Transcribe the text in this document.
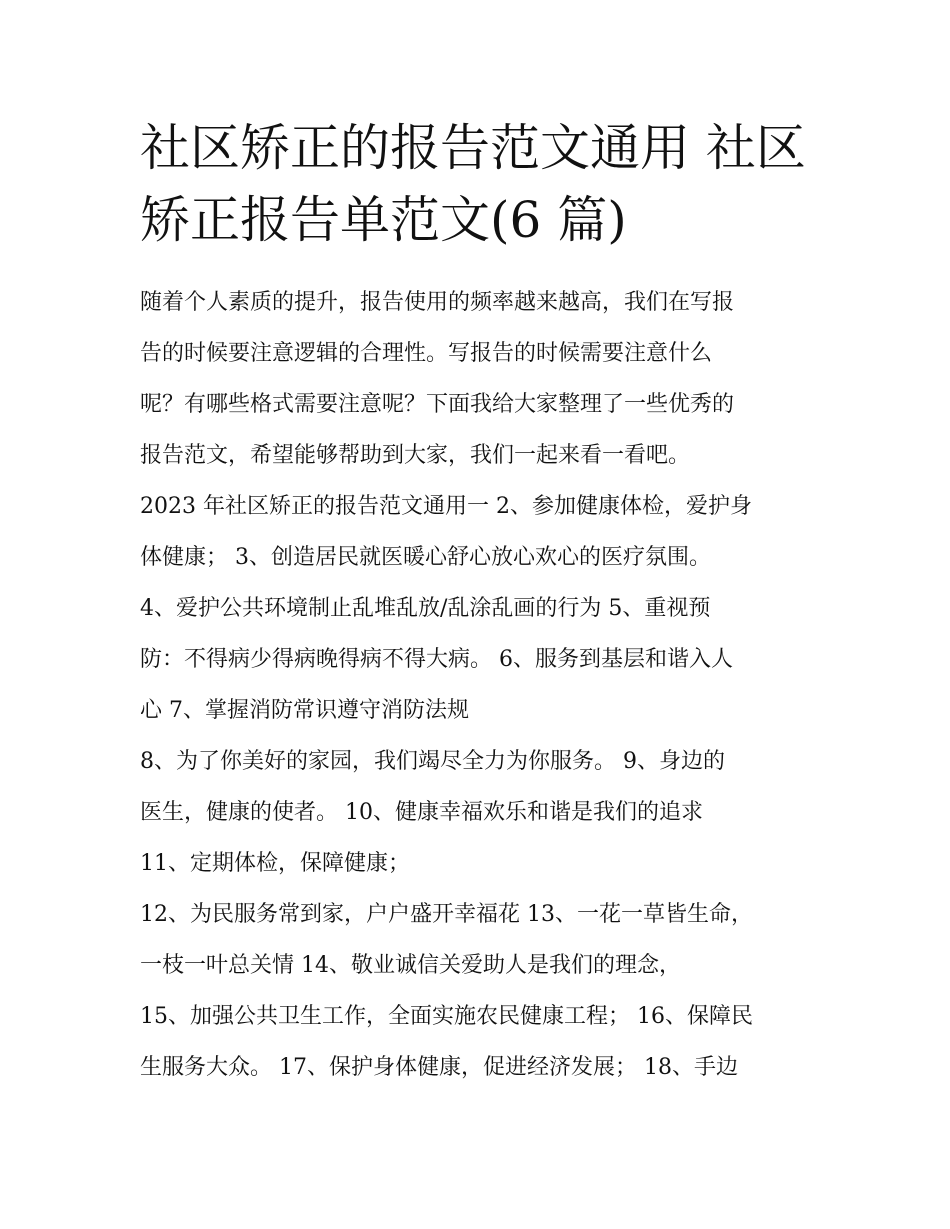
社区矫正的报告范文通用 社区
矫正报告单范文(6 篇)
随着个人素质的提升，报告使用的频率越来越高，我们在写报
告的时候要注意逻辑的合理性。写报告的时候需要注意什么
呢？有哪些格式需要注意呢？下面我给大家整理了一些优秀的
报告范文，希望能够帮助到大家，我们一起来看一看吧。
2023 年社区矫正的报告范文通用一 2、参加健康体检，爱护身
体健康； 3、创造居民就医暖心舒心放心欢心的医疗氛围。
4、爱护公共环境制止乱堆乱放/乱涂乱画的行为 5、重视预
防：不得病少得病晚得病不得大病。 6、服务到基层和谐入人
心 7、掌握消防常识遵守消防法规
8、为了你美好的家园，我们竭尽全力为你服务。 9、身边的
医生，健康的使者。 10、健康幸福欢乐和谐是我们的追求
11、定期体检，保障健康；
12、为民服务常到家，户户盛开幸福花 13、一花一草皆生命，
一枝一叶总关情 14、敬业诚信关爱助人是我们的理念，
15、加强公共卫生工作，全面实施农民健康工程； 16、保障民
生服务大众。 17、保护身体健康，促进经济发展； 18、手边
